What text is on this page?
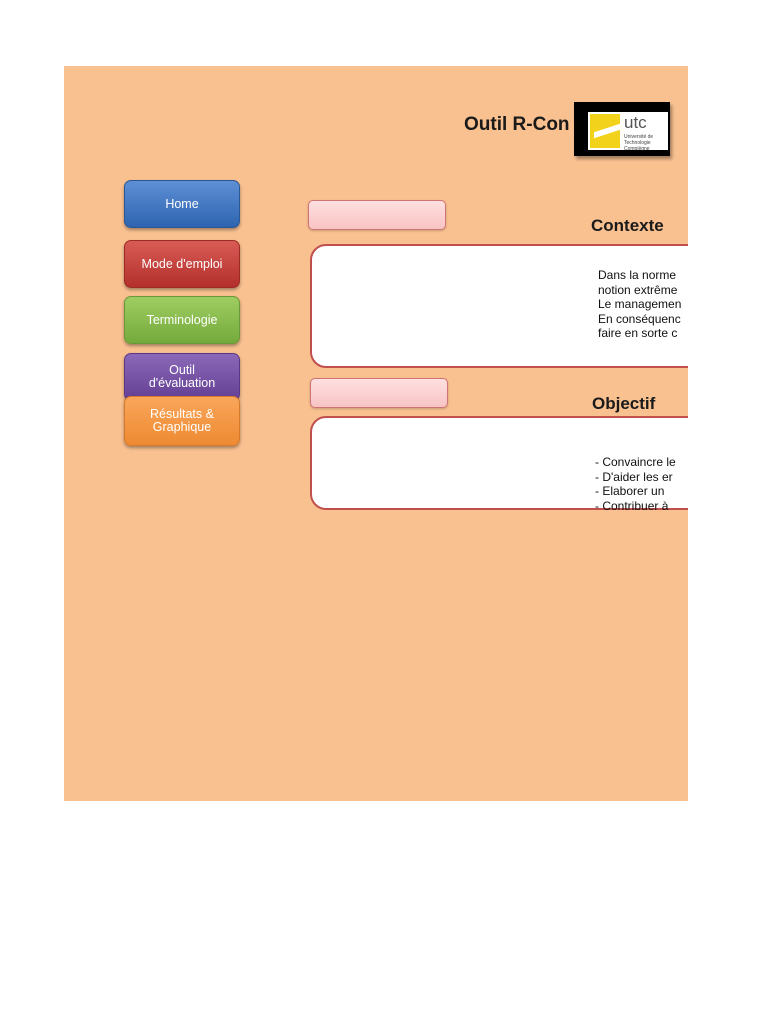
Outil R-Con	utc
Université de Technologie Compiègne
Home
Mode d'emploi
Terminologie
Outil
d'évaluation
Résultats &
Graphique
Contexte
Objectif
Dans la norme
notion extrême
Le managemen
En conséquenc
faire en sorte c
- Convaincre le
- D'aider les er
- Elaborer un
- Contribuer à
